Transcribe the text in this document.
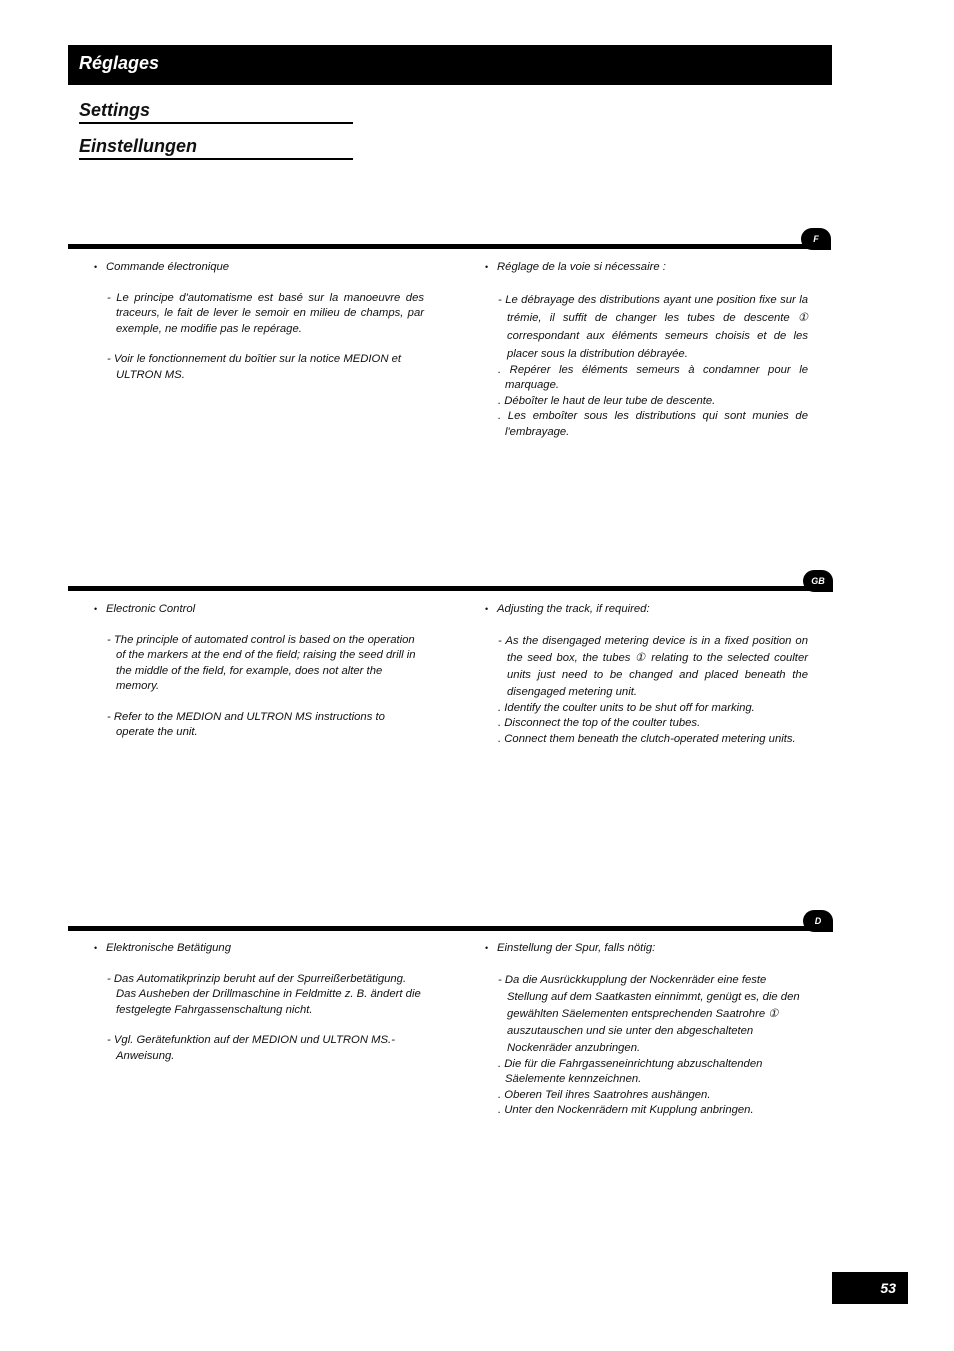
Réglages
Settings
Einstellungen
F

• Commande électronique

- Le principe d'automatisme est basé sur la manoeuvre des traceurs, le fait de lever le semoir en milieu de champs, par exemple, ne modifie pas le repérage.

- Voir le fonctionnement du boîtier sur la notice MEDION et ULTRON MS.

• Réglage de la voie si nécessaire :

- Le débrayage des distributions ayant une position fixe sur la trémie, il suffit de changer les tubes de descente ① correspondant aux éléments semeurs choisis et de les placer sous la distribution débrayée.

. Repérer les éléments semeurs à condamner pour le marquage.

. Déboîter le haut de leur tube de descente.

. Les emboîter sous les distributions qui sont munies de l'embrayage.

GB

• Electronic Control

- The principle of automated control is based on the operation of the markers at the end of the field; raising the seed drill in the middle of the field, for example, does not alter the memory.

- Refer to the MEDION and ULTRON MS instructions to operate the unit.

• Adjusting the track, if required:

- As the disengaged metering device is in a fixed position on the seed box, the tubes ① relating to the selected coulter units just need to be changed and placed beneath the disengaged metering unit.

. Identify the coulter units to be shut off for marking.

. Disconnect the top of the coulter tubes.

. Connect them beneath the clutch-operated metering units.

D

• Elektronische Betätigung

- Das Automatikprinzip beruht auf der Spurreißerbetätigung. Das Ausheben der Drillmaschine in Feldmitte z. B. ändert die festgelegte Fahrgassenschaltung nicht.

- Vgl. Gerätefunktion auf der MEDION und ULTRON MS.-Anweisung.

• Einstellung der Spur, falls nötig:

- Da die Ausrückkupplung der Nockenräder eine feste Stellung auf dem Saatkasten einnimmt, genügt es, die den gewählten Säelementen entsprechenden Saatrohre ① auszutauschen und sie unter den abgeschalteten Nockenräder anzubringen.

. Die für die Fahrgasseneinrichtung abzuschaltenden Säelemente kennzeichnen.

. Oberen Teil ihres Saatrohres aushängen.

. Unter den Nockenrädern mit Kupplung anbringen.

53
